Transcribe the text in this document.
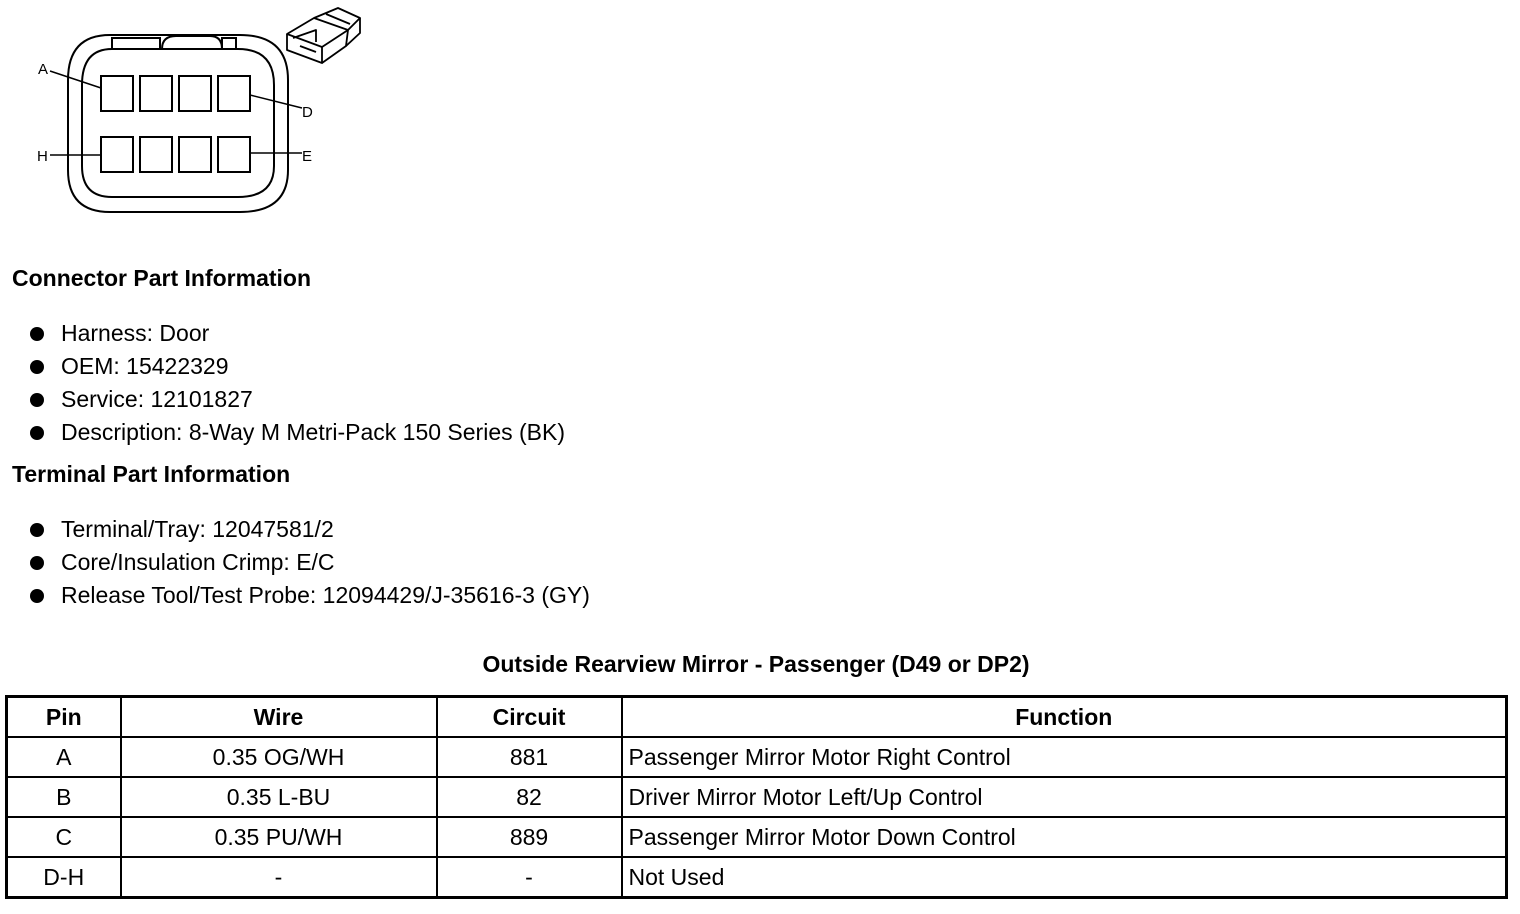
A
D
H	E
Connector Part Information
Harness: Door
OEM: 15422329
Service: 12101827
Description: 8-Way M Metri-Pack 150 Series (BK)
Terminal Part Information
Terminal/Tray: 12047581/2
Core/Insulation Crimp: E/C
Release Tool/Test Probe: 12094429/J-35616-3 (GY)
Outside Rearview Mirror - Passenger (D49 or DP2)
Pin	Wire	Circuit	Function
A	0.35 OG/WH	881	Passenger Mirror Motor Right Control
B	0.35 L-BU	82	Driver Mirror Motor Left/Up Control
C	0.35 PU/WH	889	Passenger Mirror Motor Down Control
D-H	-	-	Not Used
